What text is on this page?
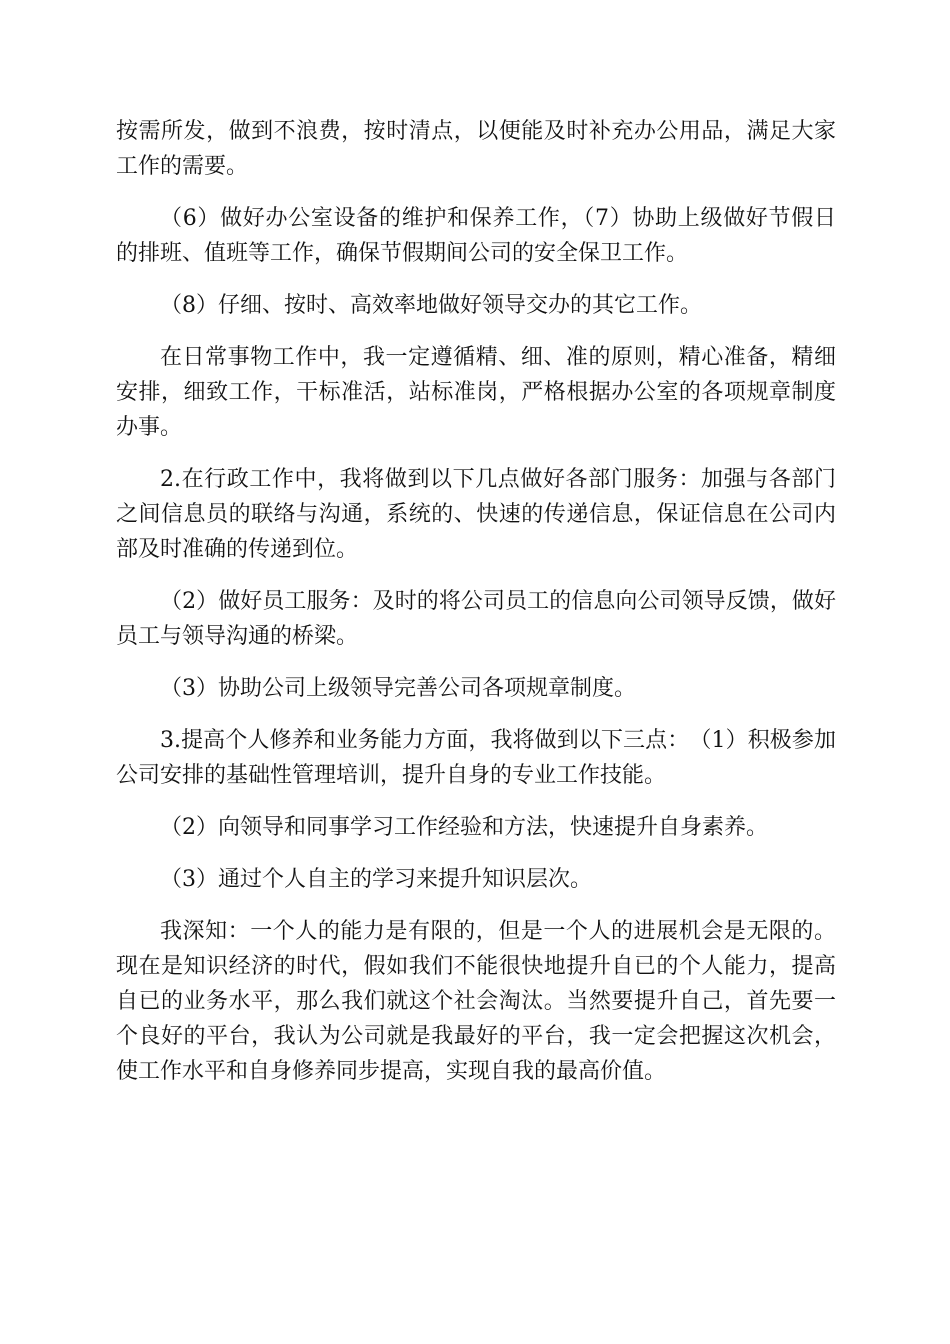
按需所发，做到不浪费，按时清点，以便能及时补充办公用品，满足大家工作的需要。

（6）做好办公室设备的维护和保养工作，（7）协助上级做好节假日的排班、值班等工作，确保节假期间公司的安全保卫工作。

（8）仔细、按时、高效率地做好领导交办的其它工作。

在日常事物工作中，我一定遵循精、细、准的原则，精心准备，精细安排，细致工作，干标准活，站标准岗，严格根据办公室的各项规章制度办事。

2.在行政工作中，我将做到以下几点做好各部门服务：加强与各部门之间信息员的联络与沟通，系统的、快速的传递信息，保证信息在公司内部及时准确的传递到位。

（2）做好员工服务：及时的将公司员工的信息向公司领导反馈，做好员工与领导沟通的桥梁。

（3）协助公司上级领导完善公司各项规章制度。

3.提高个人修养和业务能力方面，我将做到以下三点：　（1）积极参加公司安排的基础性管理培训，提升自身的专业工作技能。

（2）向领导和同事学习工作经验和方法，快速提升自身素养。

（3）通过个人自主的学习来提升知识层次。

我深知：一个人的能力是有限的，但是一个人的进展机会是无限的。现在是知识经济的时代，假如我们不能很快地提升自已的个人能力，提高自已的业务水平，那么我们就这个社会淘汰。当然要提升自己，首先要一个良好的平台，我认为公司就是我最好的平台，我一定会把握这次机会，使工作水平和自身修养同步提高，实现自我的最高价值。
